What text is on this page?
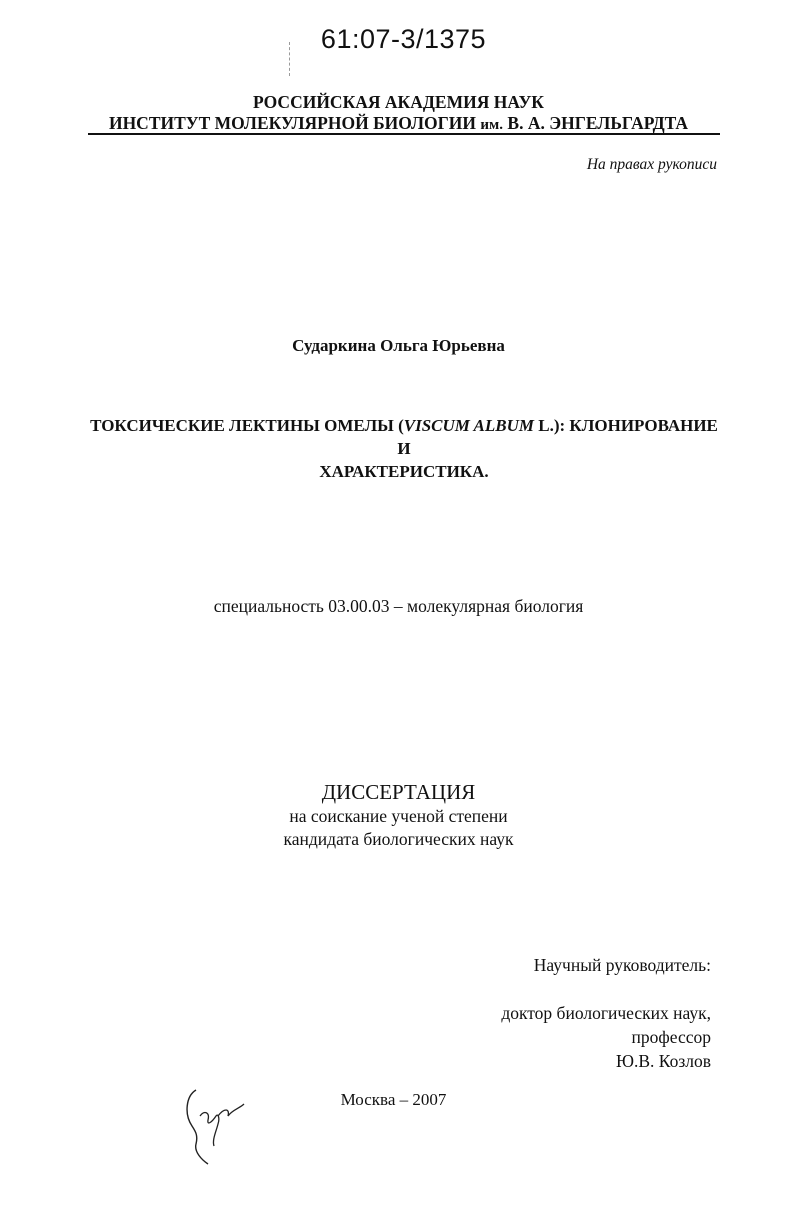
61:07-3/1375
РОССИЙСКАЯ АКАДЕМИЯ НАУК
ИНСТИТУТ МОЛЕКУЛЯРНОЙ БИОЛОГИИ им. В. А. ЭНГЕЛЬГАРДТА
На правах рукописи
Сударкина Ольга Юрьевна
ТОКСИЧЕСКИЕ ЛЕКТИНЫ ОМЕЛЫ (VISCUM ALBUM L.): КЛОНИРОВАНИЕ И
ХАРАКТЕРИСТИКА.
специальность 03.00.03 – молекулярная биология
ДИССЕРТАЦИЯ
на соискание ученой степени
кандидата биологических наук
Научный руководитель:
доктор биологических наук,
профессор
Ю.В. Козлов
Москва – 2007
